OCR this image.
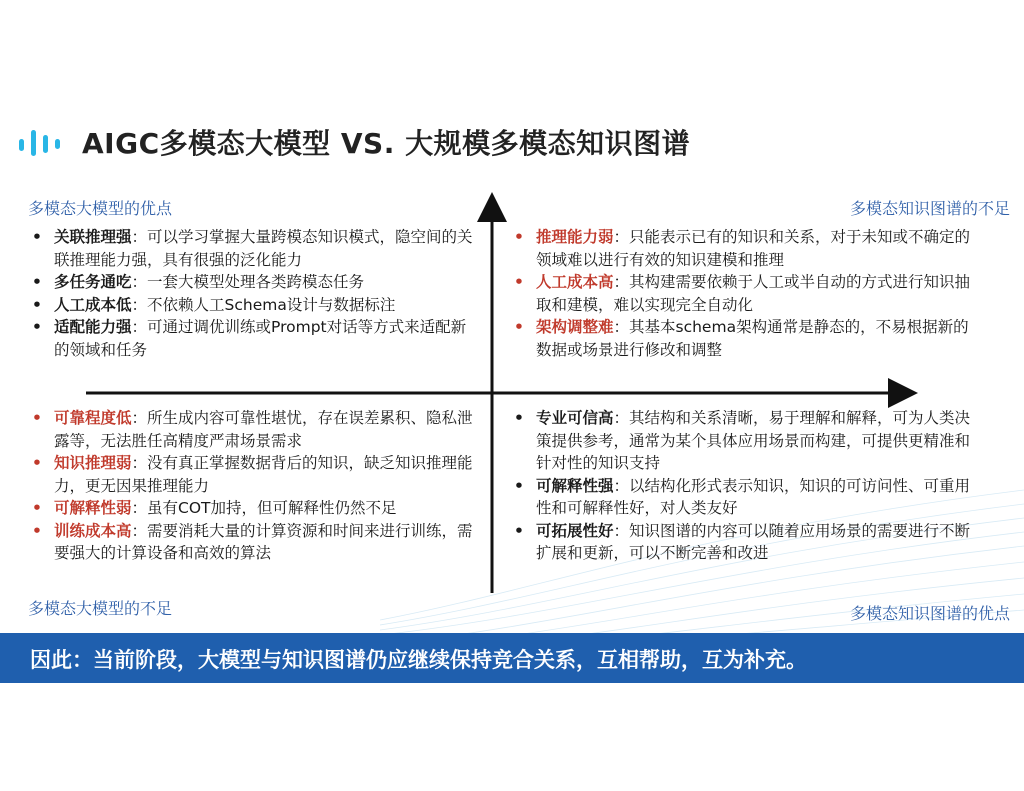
AIGC多模态大模型 VS. 大规模多模态知识图谱
多模态大模型的优点	多模态知识图谱的不足
多模态大模型的不足	多模态知识图谱的优点
• 关联推理强：可以学习掌握大量跨模态知识模式，隐空间的关联推理能力强，具有很强的泛化能力
• 多任务通吃：一套大模型处理各类跨模态任务
• 人工成本低：不依赖人工Schema设计与数据标注
• 适配能力强：可通过调优训练或Prompt对话等方式来适配新的领域和任务
• 推理能力弱：只能表示已有的知识和关系，对于未知或不确定的领域难以进行有效的知识建模和推理
• 人工成本高：其构建需要依赖于人工或半自动的方式进行知识抽取和建模，难以实现完全自动化
• 架构调整难：其基本schema架构通常是静态的，不易根据新的数据或场景进行修改和调整
• 可靠程度低：所生成内容可靠性堪忧，存在误差累积、隐私泄露等，无法胜任高精度严肃场景需求
• 知识推理弱：没有真正掌握数据背后的知识，缺乏知识推理能力，更无因果推理能力
• 可解释性弱：虽有COT加持，但可解释性仍然不足
• 训练成本高：需要消耗大量的计算资源和时间来进行训练，需要强大的计算设备和高效的算法
• 专业可信高：其结构和关系清晰，易于理解和解释，可为人类决策提供参考，通常为某个具体应用场景而构建，可提供更精准和针对性的知识支持
• 可解释性强：以结构化形式表示知识，知识的可访问性、可重用性和可解释性好，对人类友好
• 可拓展性好：知识图谱的内容可以随着应用场景的需要进行不断扩展和更新，可以不断完善和改进
因此：当前阶段，大模型与知识图谱仍应继续保持竞合关系，互相帮助，互为补充。
